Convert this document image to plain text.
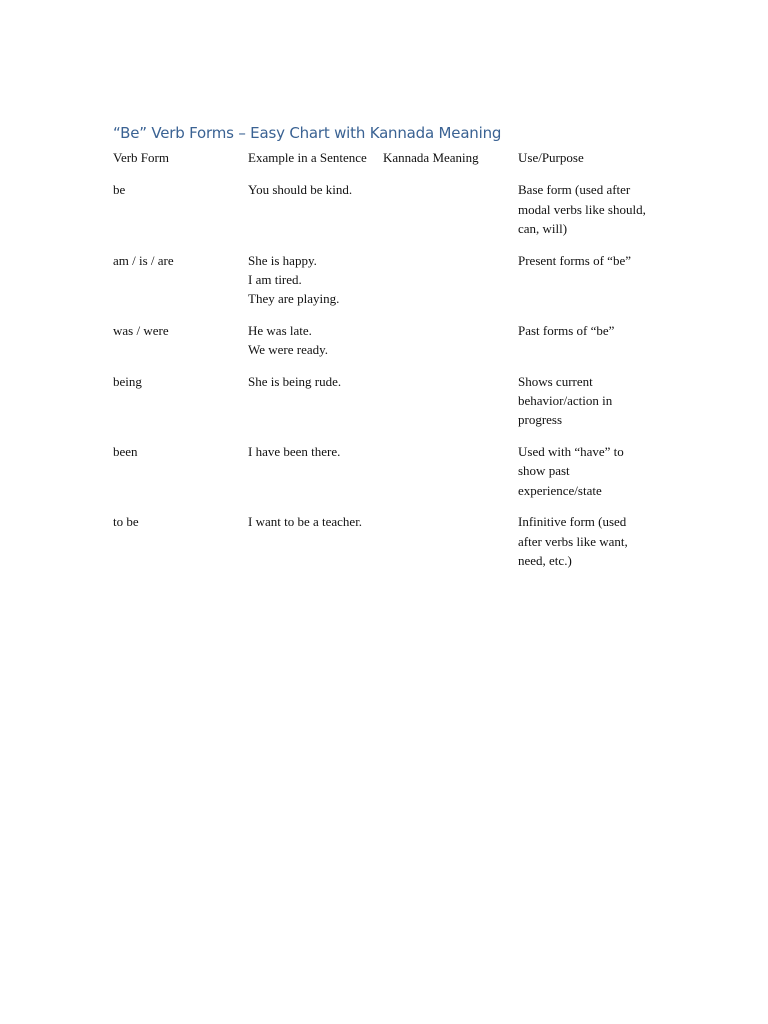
“Be” Verb Forms – Easy Chart with Kannada Meaning
Verb Form	Example in a Sentence	Kannada Meaning	Use/Purpose
be	You should be kind.		Base form (used after modal verbs like should, can, will)
am / is / are	She is happy.
I am tired.
They are playing.		Present forms of “be”
was / were	He was late.
We were ready.		Past forms of “be”
being	She is being rude.		Shows current behavior/action in progress
been	I have been there.		Used with “have” to show past experience/state
to be	I want to be a teacher.		Infinitive form (used after verbs like want, need, etc.)
